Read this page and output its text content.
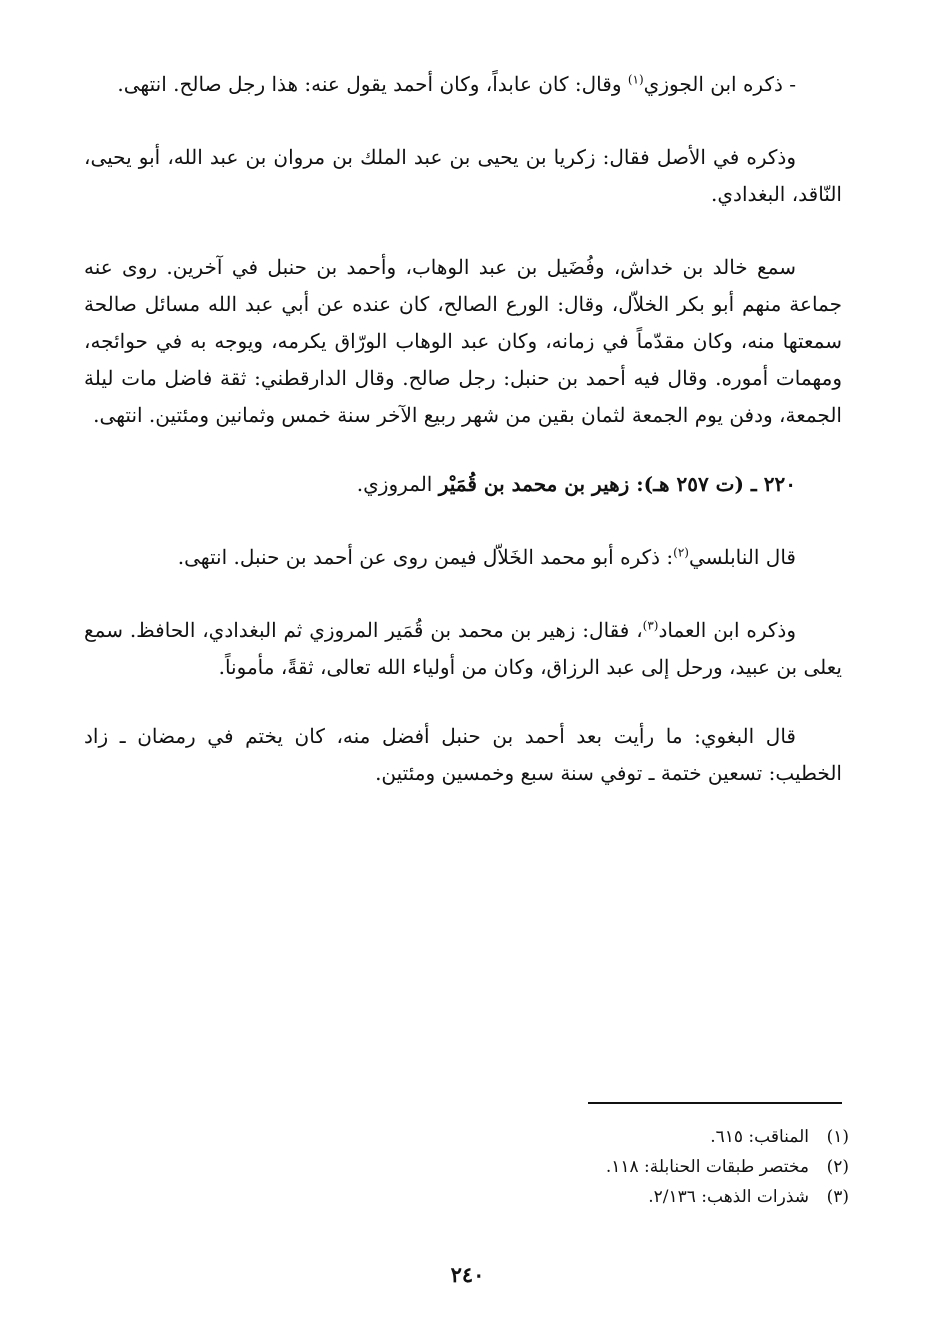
- ذكره ابن الجوزي$^{(١)}$ وقال: كان عابداً، وكان أحمد يقول عنه: هذا رجل صالح. انتهى.

وذكره في الأصل فقال: زكريا بن يحيى بن عبد الملك بن مروان بن عبد الله، أبو يحيى، النّاقد، البغدادي.

سمع خالد بن خداش، وفُضَيل بن عبد الوهاب، وأحمد بن حنبل في آخرين. روى عنه جماعة منهم أبو بكر الخلاّل، وقال: الورع الصالح، كان عنده عن أبي عبد الله مسائل صالحة سمعتها منه، وكان مقدّماً في زمانه، وكان عبد الوهاب الورّاق يكرمه، ويوجه به في حوائجه، ومهمات أموره. وقال فيه أحمد بن حنبل: رجل صالح. وقال الدارقطني: ثقة فاضل مات ليلة الجمعة، ودفن يوم الجمعة لثمان بقين من شهر ربيع الآخر سنة خمس وثمانين ومئتين. انتهى.

٢٢٠ ـ (ت ٢٥٧ هـ): زهير بن محمد بن قُمَيْر المروزي.

قال النابلسي$^{(٢)}$: ذكره أبو محمد الخَلاّل فيمن روى عن أحمد بن حنبل. انتهى.

وذكره ابن العماد$^{(٣)}$، فقال: زهير بن محمد بن قُمَير المروزي ثم البغدادي، الحافظ. سمع يعلى بن عبيد، ورحل إلى عبد الرزاق، وكان من أولياء الله تعالى، ثقةً، مأموناً.

قال البغوي: ما رأيت بعد أحمد بن حنبل أفضل منه، كان يختم في رمضان ـ زاد الخطيب: تسعين ختمة ـ توفي سنة سبع وخمسين ومئتين.

(١)
المناقب: ٦١٥.
(٢)
مختصر طبقات الحنابلة: ١١٨.
(٣)
شذرات الذهب: ٢/١٣٦.
٢٤٠
